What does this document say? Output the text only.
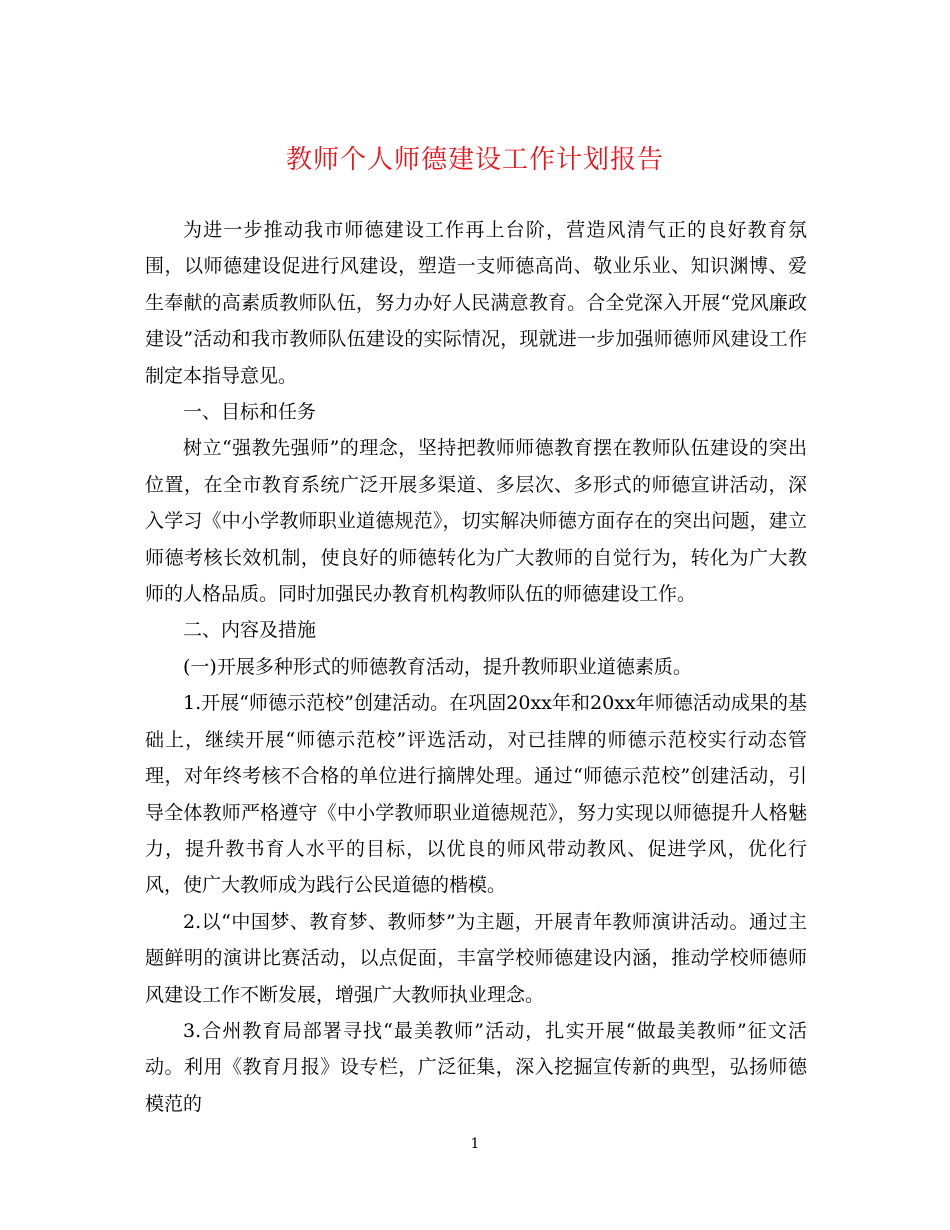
教师个人师德建设工作计划报告

为进一步推动我市师德建设工作再上台阶，营造风清气正的良好教育氛围，以师德建设促进行风建设，塑造一支师德高尚、敬业乐业、知识渊博、爱生奉献的高素质教师队伍，努力办好人民满意教育。合全党深入开展“党风廉政建设”活动和我市教师队伍建设的实际情况，现就进一步加强师德师风建设工作制定本指导意见。

一、目标和任务

树立“强教先强师”的理念，坚持把教师师德教育摆在教师队伍建设的突出位置，在全市教育系统广泛开展多渠道、多层次、多形式的师德宣讲活动，深入学习《中小学教师职业道德规范》，切实解决师德方面存在的突出问题，建立师德考核长效机制，使良好的师德转化为广大教师的自觉行为，转化为广大教师的人格品质。同时加强民办教育机构教师队伍的师德建设工作。

二、内容及措施

(一)开展多种形式的师德教育活动，提升教师职业道德素质。

1.开展“师德示范校”创建活动。在巩固20xx年和20xx年师德活动成果的基础上，继续开展“师德示范校”评选活动，对已挂牌的师德示范校实行动态管理，对年终考核不合格的单位进行摘牌处理。通过“师德示范校”创建活动，引导全体教师严格遵守《中小学教师职业道德规范》，努力实现以师德提升人格魅力，提升教书育人水平的目标，以优良的师风带动教风、促进学风，优化行风，使广大教师成为践行公民道德的楷模。

2.以“中国梦、教育梦、教师梦”为主题，开展青年教师演讲活动。通过主题鲜明的演讲比赛活动，以点促面，丰富学校师德建设内涵，推动学校师德师风建设工作不断发展，增强广大教师执业理念。

3.合州教育局部署寻找“最美教师”活动，扎实开展“做最美教师”征文活动。利用《教育月报》设专栏，广泛征集，深入挖掘宣传新的典型，弘扬师德模范的

1
